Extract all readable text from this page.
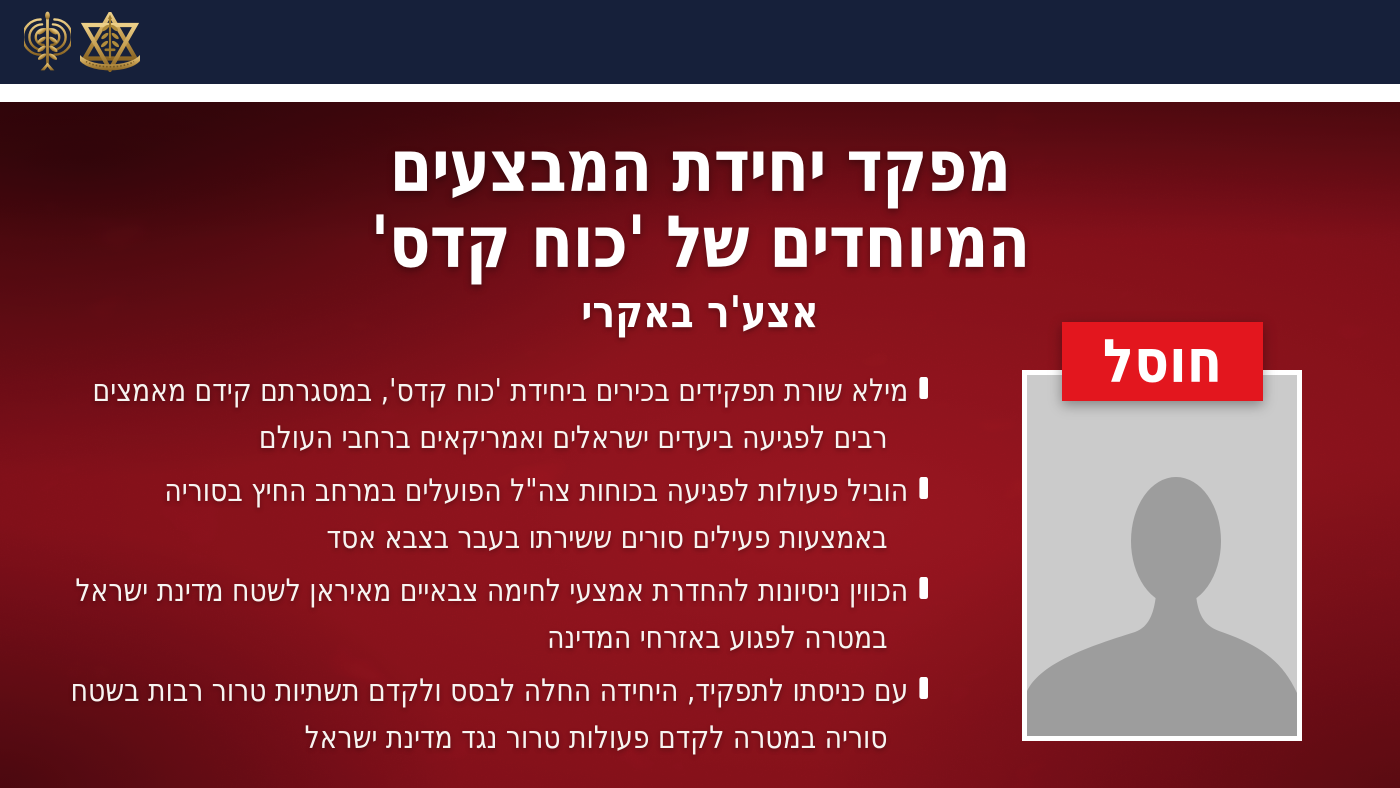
מפקד יחידת המבצעים
המיוחדים של 'כוח קדס'
אצע'ר באקרי
מילא שורת תפקידים בכירים ביחידת 'כוח קדס', במסגרתם קידם מאמצים רבים לפגיעה ביעדים ישראלים ואמריקאים ברחבי העולם
הוביל פעולות לפגיעה בכוחות צה"ל הפועלים במרחב החיץ בסוריה באמצעות פעילים סורים ששירתו בעבר בצבא אסד
הכווין ניסיונות להחדרת אמצעי לחימה צבאיים מאיראן לשטח מדינת ישראל במטרה לפגוע באזרחי המדינה
עם כניסתו לתפקיד, היחידה החלה לבסס ולקדם תשתיות טרור רבות בשטח סוריה במטרה לקדם פעולות טרור נגד מדינת ישראל
חוסל
